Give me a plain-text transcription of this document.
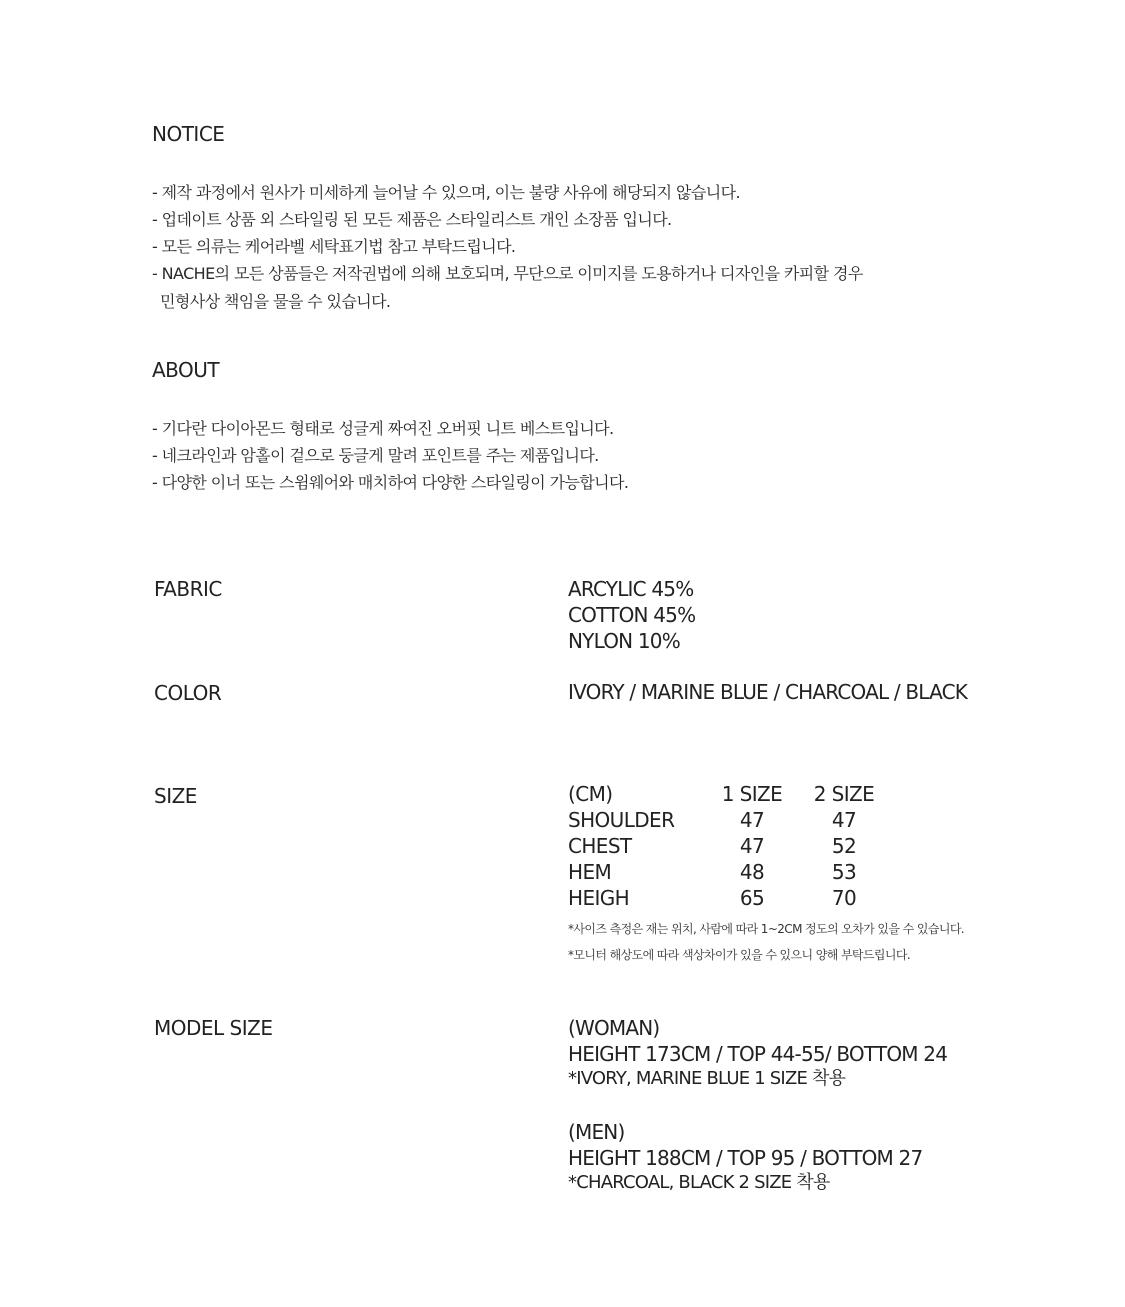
NOTICE
- 제작 과정에서 원사가 미세하게 늘어날 수 있으며, 이는 불량 사유에 해당되지 않습니다.
- 업데이트 상품 외 스타일링 된 모든 제품은 스타일리스트 개인 소장품 입니다.
- 모든 의류는 케어라벨 세탁표기법 참고 부탁드립니다.
- NACHE의 모든 상품들은 저작권법에 의해 보호되며, 무단으로 이미지를 도용하거나 디자인을 카피할 경우
민형사상 책임을 물을 수 있습니다.
ABOUT
- 기다란 다이아몬드 형태로 성글게 짜여진 오버핏 니트 베스트입니다.
- 네크라인과 암홀이 겉으로 둥글게 말려 포인트를 주는 제품입니다.
- 다양한 이너 또는 스윔웨어와 매치하여 다양한 스타일링이 가능합니다.
FABRIC	ARCYLIC 45%
COTTON 45%
NYLON 10%
COLOR	IVORY / MARINE BLUE / CHARCOAL / BLACK
SIZE	(CM)	1 SIZE	2 SIZE
SHOULDER	47	47
CHEST	47	52
HEM	48	53
HEIGH	65	70
*사이즈 측정은 재는 위치, 사람에 따라 1~2CM 정도의 오차가 있을 수 있습니다.
*모니터 해상도에 따라 색상차이가 있을 수 있으니 양해 부탁드립니다.
MODEL SIZE	(WOMAN)
HEIGHT 173CM / TOP 44-55/ BOTTOM 24
*IVORY, MARINE BLUE 1 SIZE 착용
(MEN)
HEIGHT 188CM / TOP 95 / BOTTOM 27
*CHARCOAL, BLACK 2 SIZE 착용
